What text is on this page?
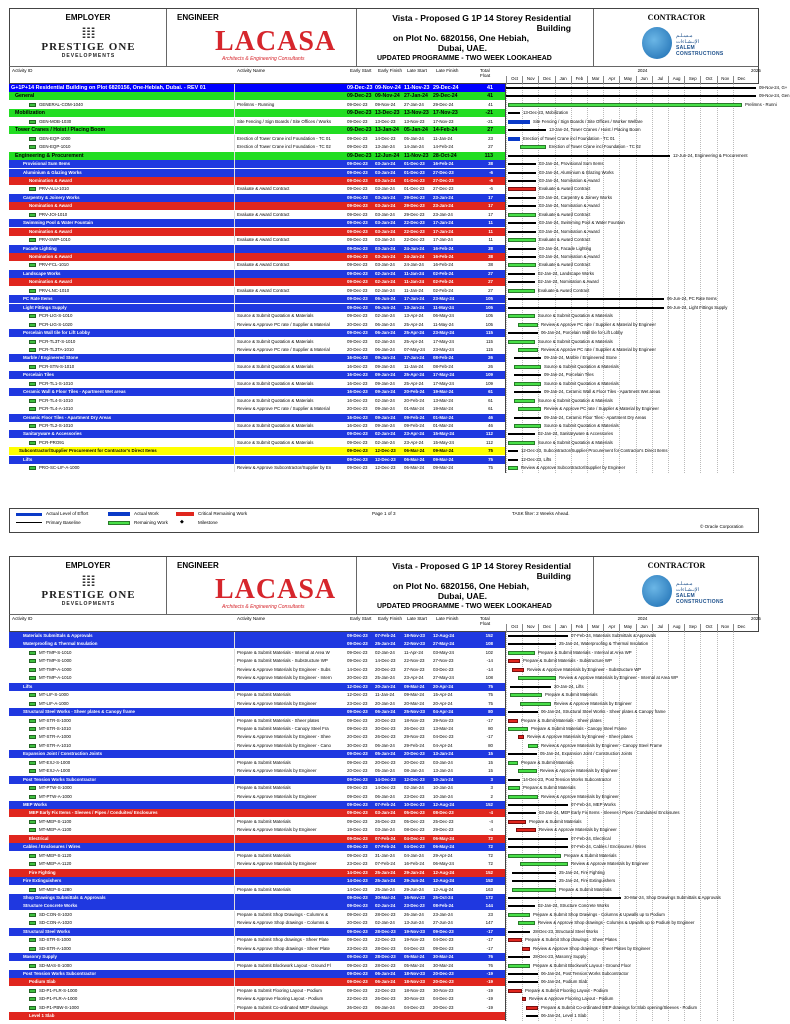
EMPLOYER
𝍖
PRESTIGE ONE
DEVELOPMENTS
ENGINEER
LACASA
Architects & Engineering Consultants
Vista - Proposed G 1P 14 Storey Residential Building
on Plot No. 6820156, One Hebiah,
Dubai, UAE.
UPDATED PROGRAMME - TWO WEEK LOOKAHEAD
CONTRACTOR
مـسـلـم الإنـشـاءات
SALEM CONSTRUCTIONS
Activity ID	Activity Name	Early Start Early Finish Late Start Late Finish	Total Float
2024	2025
Oct	Nov	Dec	Jan	Feb	Mar	Apr	May	Jun	Jul	Aug	Sep	Oct	Nov	Dec
G+1P+14 Residential Building on Plot 6820156, One-Hebiah, Dubai. - REV 01	09-Dec-23 09-Nov-24 11-Nov-23 29-Dec-24	41
General	09-Dec-23 09-Nov-24 27-Jan-24 29-Dec-24	41
GENERAL-COM-1040	Prelimns - Running	09-Dec-23	09-Nov-24	27-Jan-24	29-Dec-24	41
Mobilization	09-Dec-23 13-Dec-23 13-Nov-23 17-Nov-23	-21
GEN-MOB-1030	Site Fencing / Sign Boards / Site Offices / Works	09-Dec-23	13-Dec-23	13-Nov-23	17-Nov-23	-21
Tower Cranes / Hoist / Placing Boom	09-Dec-23 13-Jan-24 05-Jan-24 14-Feb-24	27
GEN-EQP-1000	Erection of Tower Crane incl Foundation - TC 01	09-Dec-23	14-Dec-23	05-Jan-24	11-Jan-24	23
GEN-EQP-1010	Erection of Tower Crane incl Foundation - TC 02	09-Dec-23	13-Jan-24	14-Jan-24	14-Feb-24	27
Engineering & Procurement	09-Dec-23 12-Jun-24 11-Nov-23 28-Oct-24	113
Provisional Sum Items	09-Dec-23	03-Jan-24	01-Dec-23	16-Feb-24	38
Aluminium & Glazing Works	09-Dec-23	03-Jan-24	01-Dec-23	27-Dec-23	-6
Nomination & Award	09-Dec-23	03-Jan-24	01-Dec-23	27-Dec-23	-6
PRV-ALU-1010	Evaluate & Award Contract	09-Dec-23	03-Jan-24	01-Dec-23	27-Dec-23	-6
Carpentry & Joinery Works	09-Dec-23	03-Jan-24	29-Dec-23	23-Jan-24	17
Nomination & Award	09-Dec-23	03-Jan-24	29-Dec-23	23-Jan-24	17
PRV-JOI-1010	Evaluate & Award Contract	09-Dec-23	03-Jan-24	29-Dec-23	23-Jan-24	17
Swimming Pool & Water Fountain	09-Dec-23	03-Jan-24	22-Dec-23	17-Jan-24	11
Nomination & Award	09-Dec-23	03-Jan-24	22-Dec-23	17-Jan-24	11
PRV-SWP-1010	Evaluate & Award Contract	09-Dec-23	03-Jan-24	22-Dec-23	17-Jan-24	11
Facade Lighting	09-Dec-23	03-Jan-24	24-Jan-24	16-Feb-24	38
Nomination & Award	09-Dec-23	03-Jan-24	24-Jan-24	16-Feb-24	38
PRV-FCL-1010	Evaluate & Award Contract	09-Dec-23	03-Jan-24	24-Jan-24	16-Feb-24	38
Landscape Works	09-Dec-23	02-Jan-24	11-Jan-24	02-Feb-24	27
Nomination & Award	09-Dec-23	02-Jan-24	11-Jan-24	02-Feb-24	27
PRV-LNC-1010	Evaluate & Award Contract	09-Dec-23	02-Jan-24	11-Jan-24	02-Feb-24	27
PC Rate Items	09-Dec-23	06-Jun-24	17-Jan-24	23-May-24	105
Light Fittings Supply	09-Dec-23	06-Jun-24	13-Jan-24	11-May-24	105
PCR-LIG-S-1010	Source & Submit Quotation & Materials	09-Dec-23	02-Jan-24	13-Apr-24	06-May-24	105
PCR-LIG-S-1020	Review & Approve PC rate / Supplier & Material	20-Dec-23	06-Jan-24	25-Apr-24	11-May-24	105
Porcelain Wall tile for Lift Lobby	09-Dec-23	06-Jan-24	25-Apr-24	23-May-24	115
PCR-TL3T-S-1010	Source & Submit Quotation & Materials	09-Dec-23	02-Jan-24	25-Apr-24	17-May-24	115
PCR-TL3TA-1010	Review & Approve PC rate / Supplier & Material	20-Dec-23	06-Jan-24	07-May-24	23-May-24	115
Marble / Engineered Stone	16-Dec-23	09-Jan-24	17-Jan-24	08-Feb-24	26
PCR-STN-S-1010	Source & Submit Quotation & Materials	16-Dec-23	09-Jan-24	11-Jan-24	08-Feb-24	26
Porcelain Tiles	16-Dec-23	09-Jan-24	25-Apr-24	17-May-24	109
PCR-TL1-S-1010	Source & Submit Quotation & Materials	16-Dec-23	09-Jan-24	25-Apr-24	17-May-24	109
Ceramic Wall & Floor Tiles - Apartment Wet areas	16-Dec-23	09-Jan-24	20-Feb-24	19-Mar-24	61
PCR-TL4-S-1010	Source & Submit Quotation & Materials	16-Dec-23	02-Jan-24	20-Feb-24	13-Mar-24	61
PCR-TL4-A-1010	Review & Approve PC rate / Supplier & Material	20-Dec-23	09-Jan-24	01-Mar-24	19-Mar-24	61
Ceramic Floor Tiles - Apartment Dry Areas	16-Dec-23	09-Jan-24	09-Feb-24	01-Mar-24	46
PCR-TL2-S-1010	Source & Submit Quotation & Materials	16-Dec-23	09-Jan-24	09-Feb-24	01-Mar-24	46
Sanitaryware & Accessories	09-Dec-23	02-Jan-24	23-Apr-24	15-May-24	112
PCR-PRO91	Source & Submit Quotation & Materials	09-Dec-23	02-Jan-24	23-Apr-24	15-May-24	112
Subcontractor/Supplier Procurement for Contractor's Direct Items	09-Dec-23	12-Dec-23	06-Mar-24	09-Mar-24	75
Lifts	09-Dec-23	12-Dec-23	06-Mar-24	09-Mar-24	75
PRO-SC-LIF-A-1000	Review & Approve Subcontractor/Supplier by En	09-Dec-23	12-Dec-23	06-Mar-24	09-Mar-24	75
09-Nov-24, G+
09-Nov-24, Gen
Prelimns - Runni
13-Dec-23, Mobilization
Site Fencing / Sign Boards / Site Offices / Worker Welfare
13-Jan-24, Tower Cranes / Hoist / Placing Boom
Erection of Tower Crane incl Foundation - TC 01
Erection of Tower Crane incl Foundation - TC 02
12-Jun-24, Engineering & Procurement
03-Jan-24, Provisional Sum Items
03-Jan-24, Aluminium & Glazing Works
03-Jan-24, Nomination & Award
Evaluate & Award Contract
03-Jan-24, Carpentry & Joinery Works
03-Jan-24, Nomination & Award
Evaluate & Award Contract
03-Jan-24, Swimming Pool & Water Fountain
03-Jan-24, Nomination & Award
Evaluate & Award Contract
03-Jan-24, Facade Lighting
03-Jan-24, Nomination & Award
Evaluate & Award Contract
02-Jan-24, Landscape Works
02-Jan-24, Nomination & Award
Evaluate & Award Contract
06-Jun-24, PC Rate Items
06-Jun-24, Light Fittings Supply
Source & Submit Quotation & Materials
Review & Approve PC rate / Supplier & Material by Engineer
06-Jan-24, Porcelain Wall tile for Lift Lobby
Source & Submit Quotation & Materials
Review & Approve PC rate / Supplier & Material by Engineer
09-Jan-24, Marble / Engineered Stone
Source & Submit Quotation & Materials
09-Jan-24, Porcelain Tiles
Source & Submit Quotation & Materials
09-Jan-24, Ceramic Wall & Floor Tiles - Apartment Wet areas
Source & Submit Quotation & Materials
Review & Approve PC rate / Supplier & Material by Engineer
09-Jan-24, Ceramic Floor Tiles - Apartment Dry Areas
Source & Submit Quotation & Materials
02-Jan-24, Sanitaryware & Accessories
Source & Submit Quotation & Materials
12-Dec-23, Subcontractor/Supplier Procurement for Contractor's Direct Items
12-Dec-23, Lifts
Review & Approve Subcontractor/Supplier by Engineer
Actual Level of Effort
Primary Baseline
Actual Work
Remaining Work
Critical Remaining Work
◆	Milestone
Page 1 of 3	TASK filter: 2 Weeks Ahead.
© Oracle Corporation
EMPLOYER
𝍖
PRESTIGE ONE
DEVELOPMENTS
ENGINEER
LACASA
Architects & Engineering Consultants
Vista - Proposed G 1P 14 Storey Residential Building
on Plot No. 6820156, One Hebiah,
Dubai, UAE.
UPDATED PROGRAMME - TWO WEEK LOOKAHEAD
CONTRACTOR
مـسـلـم الإنـشـاءات
SALEM CONSTRUCTIONS
Activity ID	Activity Name	Early Start Early Finish Late Start Late Finish	Total Float
2024	2025
Oct	Nov	Dec	Jan	Feb	Mar	Apr	May	Jun	Jul	Aug	Sep	Oct	Nov	Dec
Materials Submittals & Approvals	09-Dec-23	07-Feb-24	18-Nov-23	12-Aug-24	152
Waterproofing & Thermal Insulation	09-Dec-23	25-Jan-24	22-Nov-23	27-May-24	108
MT-TMP-S-1010	Prepare & Submit Materials - Internal at Area W	09-Dec-23	02-Jan-24	11-Apr-24	03-May-24	102
MT-TMP-S-1000	Prepare & Submit Materials - Substructure WP	09-Dec-23	14-Dec-23	22-Nov-23	27-Nov-23	-14
MT-TMP-A-1000	Review & Approve Materials by Engineer - Subs	14-Dec-23	20-Dec-23	27-Nov-23	03-Dec-23	-14
MT-TMP-A-1010	Review & Approve Materials by Engineer - Intern	20-Dec-23	25-Jan-24	23-Apr-24	27-May-24	108
Lifts	12-Dec-23	20-Jan-24	09-Mar-24	20-Apr-24	75
MT-LIF-S-1000	Prepare & Submit Materials	12-Dec-23	11-Jan-24	09-Mar-24	15-Apr-24	75
MT-LIF-A-1000	Review & Approve Materials by Engineer	23-Dec-23	20-Jan-24	20-Mar-24	20-Apr-24	75
Structural Steel Works - Sheer plates & Canopy frame	09-Dec-23	06-Jan-24	25-Nov-23	04-Apr-24	80
MT-STR-S-1000	Prepare & Submit Materials - Sheer plates	09-Dec-23	20-Dec-23	18-Nov-23	29-Nov-23	-17
MT-STR-S-1010	Prepare & Submit Materials - Canopy Steel Fra	09-Dec-23	30-Dec-23	26-Dec-23	13-Mar-24	80
MT-STR-A-1000	Review & Approve Materials by Engineer - Shee	20-Dec-23	26-Dec-23	29-Nov-23	04-Dec-23	-17
MT-STR-A-1010	Review & Approve Materials by Engineer - Cano	30-Dec-23	06-Jan-24	29-Feb-24	04-Apr-24	80
Expansion Joint / Construction Joints	09-Dec-23	05-Jan-24	20-Dec-23	13-Jan-24	15
MT-EXJ-S-1000	Prepare & Submit Materials	09-Dec-23	20-Dec-23	20-Dec-23	03-Jan-24	15
MT-EXJ-A-1000	Review & Approve Materials by Engineer	20-Dec-23	05-Jan-24	08-Jan-24	13-Jan-24	15
Post Tension Works Subcontractor	09-Dec-23	14-Dec-23	12-Dec-23	10-Jan-24	3
MT-PTW-S-1000	Prepare & Submit Materials	09-Dec-23	14-Dec-23	02-Jan-24	10-Jan-24	3
MT-PTW-A-1000	Review & Approve Materials by Engineer	09-Dec-23	06-Jan-24	23-Dec-23	10-Jan-24	2
MEP Works	09-Dec-23	07-Feb-24	10-Dec-23	12-Aug-24	152
MEP Early Fix Items - Sleeves / Pipes / Conduites/ Enclosures	09-Dec-23	03-Jan-24	05-Dec-23	08-Dec-23	-4
MT-MEP-S-1100	Prepare & Submit Materials	09-Dec-23	26-Dec-23	05-Dec-23	25-Dec-23	-4
MT-MEP-A-1100	Review & Approve Materials by Engineer	19-Dec-23	03-Jan-24	08-Dec-23	29-Dec-23	-4
Electrical	09-Dec-23	07-Feb-24	04-Dec-23	06-May-24	72
Cables / Enclosures / Wires	09-Dec-23	07-Feb-24	04-Dec-23	06-May-24	72
MT-MEP-S-1120	Prepare & Submit Materials	09-Dec-23	31-Jan-24	04-Jan-24	29-Apr-24	72
MT-MEP-A-1120	Review & Approve Materials by Engineer	23-Dec-23	07-Feb-24	16-Feb-24	06-May-24	72
Fire Fighting	14-Dec-23	25-Jan-24	29-Jan-24	12-Aug-24	152
Fire Extinguishers	14-Dec-23	25-Jan-24	29-Jun-24	12-Aug-24	152
MT-MEP-S-1280	Prepare & Submit Materials	14-Dec-23	25-Jan-24	29-Jun-24	12-Aug-24	163
Shop Drawings Submittals & Approvals	09-Dec-23	30-Mar-24	16-Nov-23	25-Oct-24	172
Structure Concrete Works	09-Dec-23	02-Jan-24	23-Dec-23	08-Feb-24	144
SD-CON-S-1020	Prepare & Submit Shop Drawings - Columns &	09-Dec-23	28-Dec-23	26-Jan-24	23-Jan-24	23
SD-CON-A-1020	Review & Approve Shop drawings - Columns &	20-Dec-23	02-Jan-24	13-Jun-24	27-Jun-24	147
Structural Steel Works	09-Dec-23	28-Dec-23	19-Nov-23	09-Dec-23	-17
SD-STR-S-1000	Prepare & Submit Shop drawings - Sheer Plate	09-Dec-23	22-Dec-23	19-Nov-23	04-Dec-23	-17
SD-STR-A-1000	Review & Approve Shop drawings - Sheer Plate	23-Dec-23	28-Dec-23	04-Dec-23	09-Dec-23	-17
Masonry Supply	09-Dec-23	28-Dec-23	05-Mar-24	30-Mar-24	76
SD-MAS-S-1000	Prepare & Submit Blockwork Layout - Ground Fl	09-Dec-23	28-Dec-23	05-Mar-24	30-Mar-24	76
Post Tension Works Subcontractor	09-Dec-23	06-Jan-24	18-Nov-23	20-Dec-23	-19
Podium Slab	09-Dec-23	06-Jan-24	18-Nov-23	20-Dec-23	-19
SD-P1-FLR-S-1000	Prepare & Submit Flooring Layout - Podium	09-Dec-23	22-Dec-23	18-Nov-23	30-Nov-23	-19
SD-P1-FLR-A-1000	Review & Approve Flooring Layout - Podium	22-Dec-23	26-Dec-23	30-Nov-23	04-Dec-23	-19
SD-P1-PBW-S-1000	Prepare & Submit Co-ordinated MEP drawings	26-Dec-23	06-Jan-24	04-Dec-23	20-Dec-23	-19
Level 1 Slab
07-Feb-24, Materials Submittals & Approvals
25-Jan-24, Waterproofing & Thermal Insulation
Prepare & Submit Materials - Internal at Area WP
Prepare & Submit Materials - Substructure WP
Review & Approve Materials by Engineer - Substructure WP
Review & Approve Materials by Engineer - Internal at Area WP
20-Jan-24, Lifts
Prepare & Submit Materials
Review & Approve Materials by Engineer
06-Jan-24, Structural Steel Works - Sheer plates & Canopy frame
Prepare & Submit Materials - Sheer plates
Prepare & Submit Materials - Canopy Steel Frame
Review & Approve Materials by Engineer - Sheer plates
Review & Approve Materials by Engineer - Canopy Steel Frame
05-Jan-24, Expansion Joint / Construction Joints
Prepare & Submit Materials
Review & Approve Materials by Engineer
14-Dec-23, Post Tension Works Subcontractor
Prepare & Submit Materials
Review & Approve Materials by Engineer
07-Feb-24, MEP Works
03-Jan-24, MEP Early Fix Items - Sleeves / Pipes / Conduites/ Enclosures
Prepare & Submit Materials
Review & Approve Materials by Engineer
07-Feb-24, Electrical
07-Feb-24, Cables / Enclosures / Wires
Prepare & Submit Materials
Review & Approve Materials by Engineer
25-Jan-24, Fire Fighting
25-Jan-24, Fire Extinguishers
Prepare & Submit Materials
30-Mar-24, Shop Drawings Submittals & Approvals
02-Jan-24, Structure Concrete Works
Prepare & Submit Shop Drawings - Columns & Upwalls up to Podium
Review & Approve Shop drawings - Columns & Upwalls up to Podium by Engineer
28-Dec-23, Structural Steel Works
Prepare & Submit Shop drawings - Sheer Plates
Review & Approve Shop drawings - Sheer Plates by Engineer
28-Dec-23, Masonry Supply
Prepare & Submit Blockwork Layout - Ground Floor
06-Jan-24, Post Tension Works Subcontractor
06-Jan-24, Podium Slab
Prepare & Submit Flooring Layout - Podium
Review & Approve Flooring Layout - Podium
Prepare & Submit Co-ordinated MEP drawings for Slab opening/Sleeves - Podium
06-Jan-24, Level 1 Slab
